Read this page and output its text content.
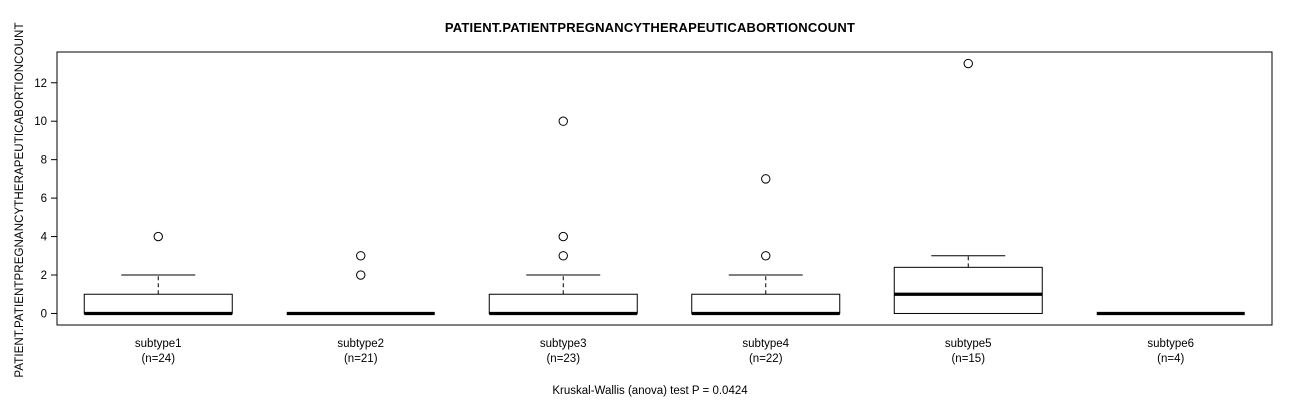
PATIENT.PATIENTPREGNANCYTHERAPEUTICABORTIONCOUNT
PATIENT.PATIENTPREGNANCYTHERAPEUTICABORTIONCOUNT	0
2
4
6
8
10
12
subtype1
(n=24)
subtype2
(n=21)
subtype3
(n=23)
subtype4
(n=22)
subtype5
(n=15)
subtype6
(n=4)
Kruskal-Wallis (anova) test P = 0.0424
